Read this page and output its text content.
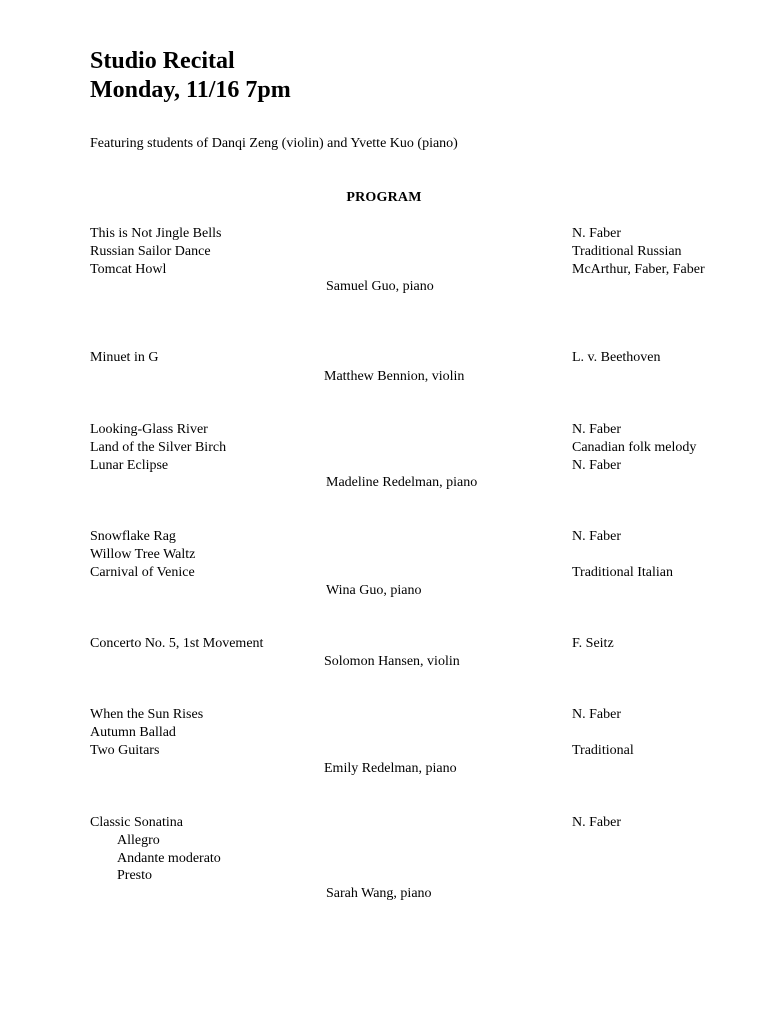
Studio Recital
Monday, 11/16 7pm
Featuring students of Danqi Zeng (violin) and Yvette Kuo (piano)
PROGRAM
This is Not Jingle Bells	N. Faber
Russian Sailor Dance	Traditional Russian
Tomcat Howl	McArthur, Faber, Faber
Samuel Guo, piano
Minuet in G	L. v. Beethoven
Matthew Bennion, violin
Looking-Glass River	N. Faber
Land of the Silver Birch	Canadian folk melody
Lunar Eclipse	N. Faber
Madeline Redelman, piano
Snowflake Rag	N. Faber
Willow Tree Waltz
Carnival of Venice	Traditional Italian
Wina Guo, piano
Concerto No. 5, 1st Movement	F. Seitz
Solomon Hansen, violin
When the Sun Rises	N. Faber
Autumn Ballad
Two Guitars	Traditional
Emily Redelman, piano
Classic Sonatina	N. Faber
Allegro
Andante moderato
Presto
Sarah Wang, piano
